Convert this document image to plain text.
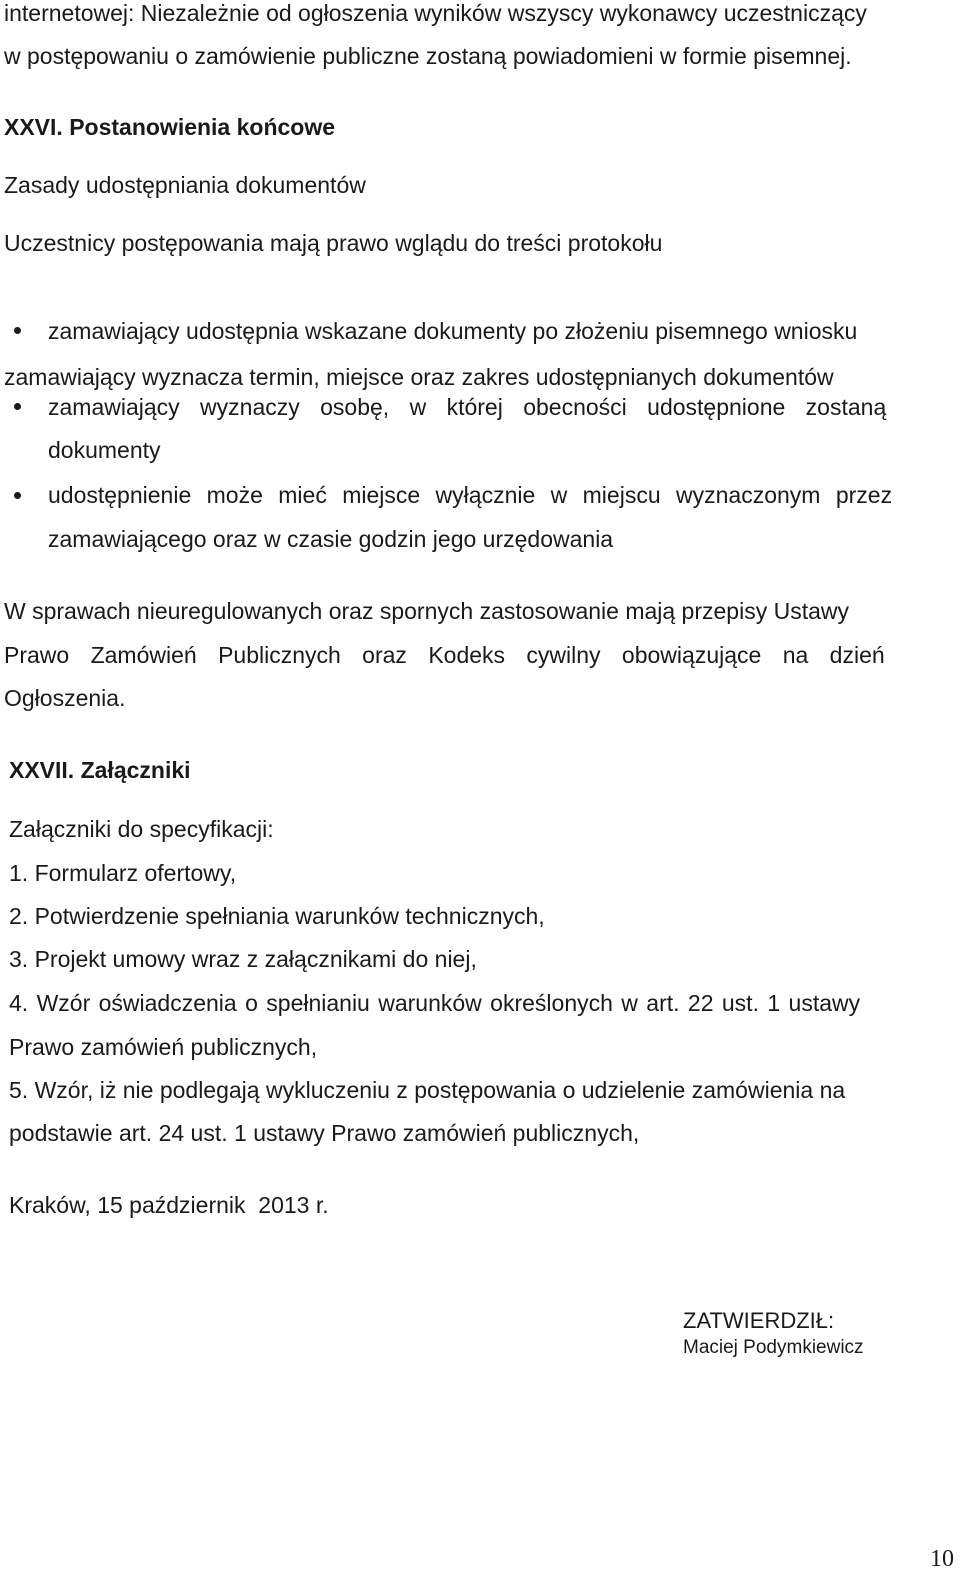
internetowej: Niezależnie od ogłoszenia wyników wszyscy wykonawcy uczestniczący
w postępowaniu o zamówienie publiczne zostaną powiadomieni w formie pisemnej.
XXVI. Postanowienia końcowe
Zasady udostępniania dokumentów
Uczestnicy postępowania mają prawo wglądu do treści protokołu
zamawiający udostępnia wskazane dokumenty po złożeniu pisemnego wniosku
zamawiający wyznacza termin, miejsce oraz zakres udostępnianych dokumentów
zamawiający wyznaczy osobę, w której obecności udostępnione zostaną
dokumenty
udostępnienie może mieć miejsce wyłącznie w miejscu wyznaczonym przez
zamawiającego oraz w czasie godzin jego urzędowania
W sprawach nieuregulowanych oraz spornych zastosowanie mają przepisy Ustawy
Prawo Zamówień Publicznych oraz Kodeks cywilny obowiązujące na dzień
Ogłoszenia.
XXVII. Załączniki
Załączniki do specyfikacji:
1. Formularz ofertowy,
2. Potwierdzenie spełniania warunków technicznych,
3. Projekt umowy wraz z załącznikami do niej,
4. Wzór oświadczenia o spełnianiu warunków określonych w art. 22 ust. 1 ustawy
Prawo zamówień publicznych,
5. Wzór, iż nie podlegają wykluczeniu z postępowania o udzielenie zamówienia na
podstawie art. 24 ust. 1 ustawy Prawo zamówień publicznych,
Kraków, 15 październik  2013 r.
ZATWIERDZIŁ:
Maciej Podymkiewicz
10
